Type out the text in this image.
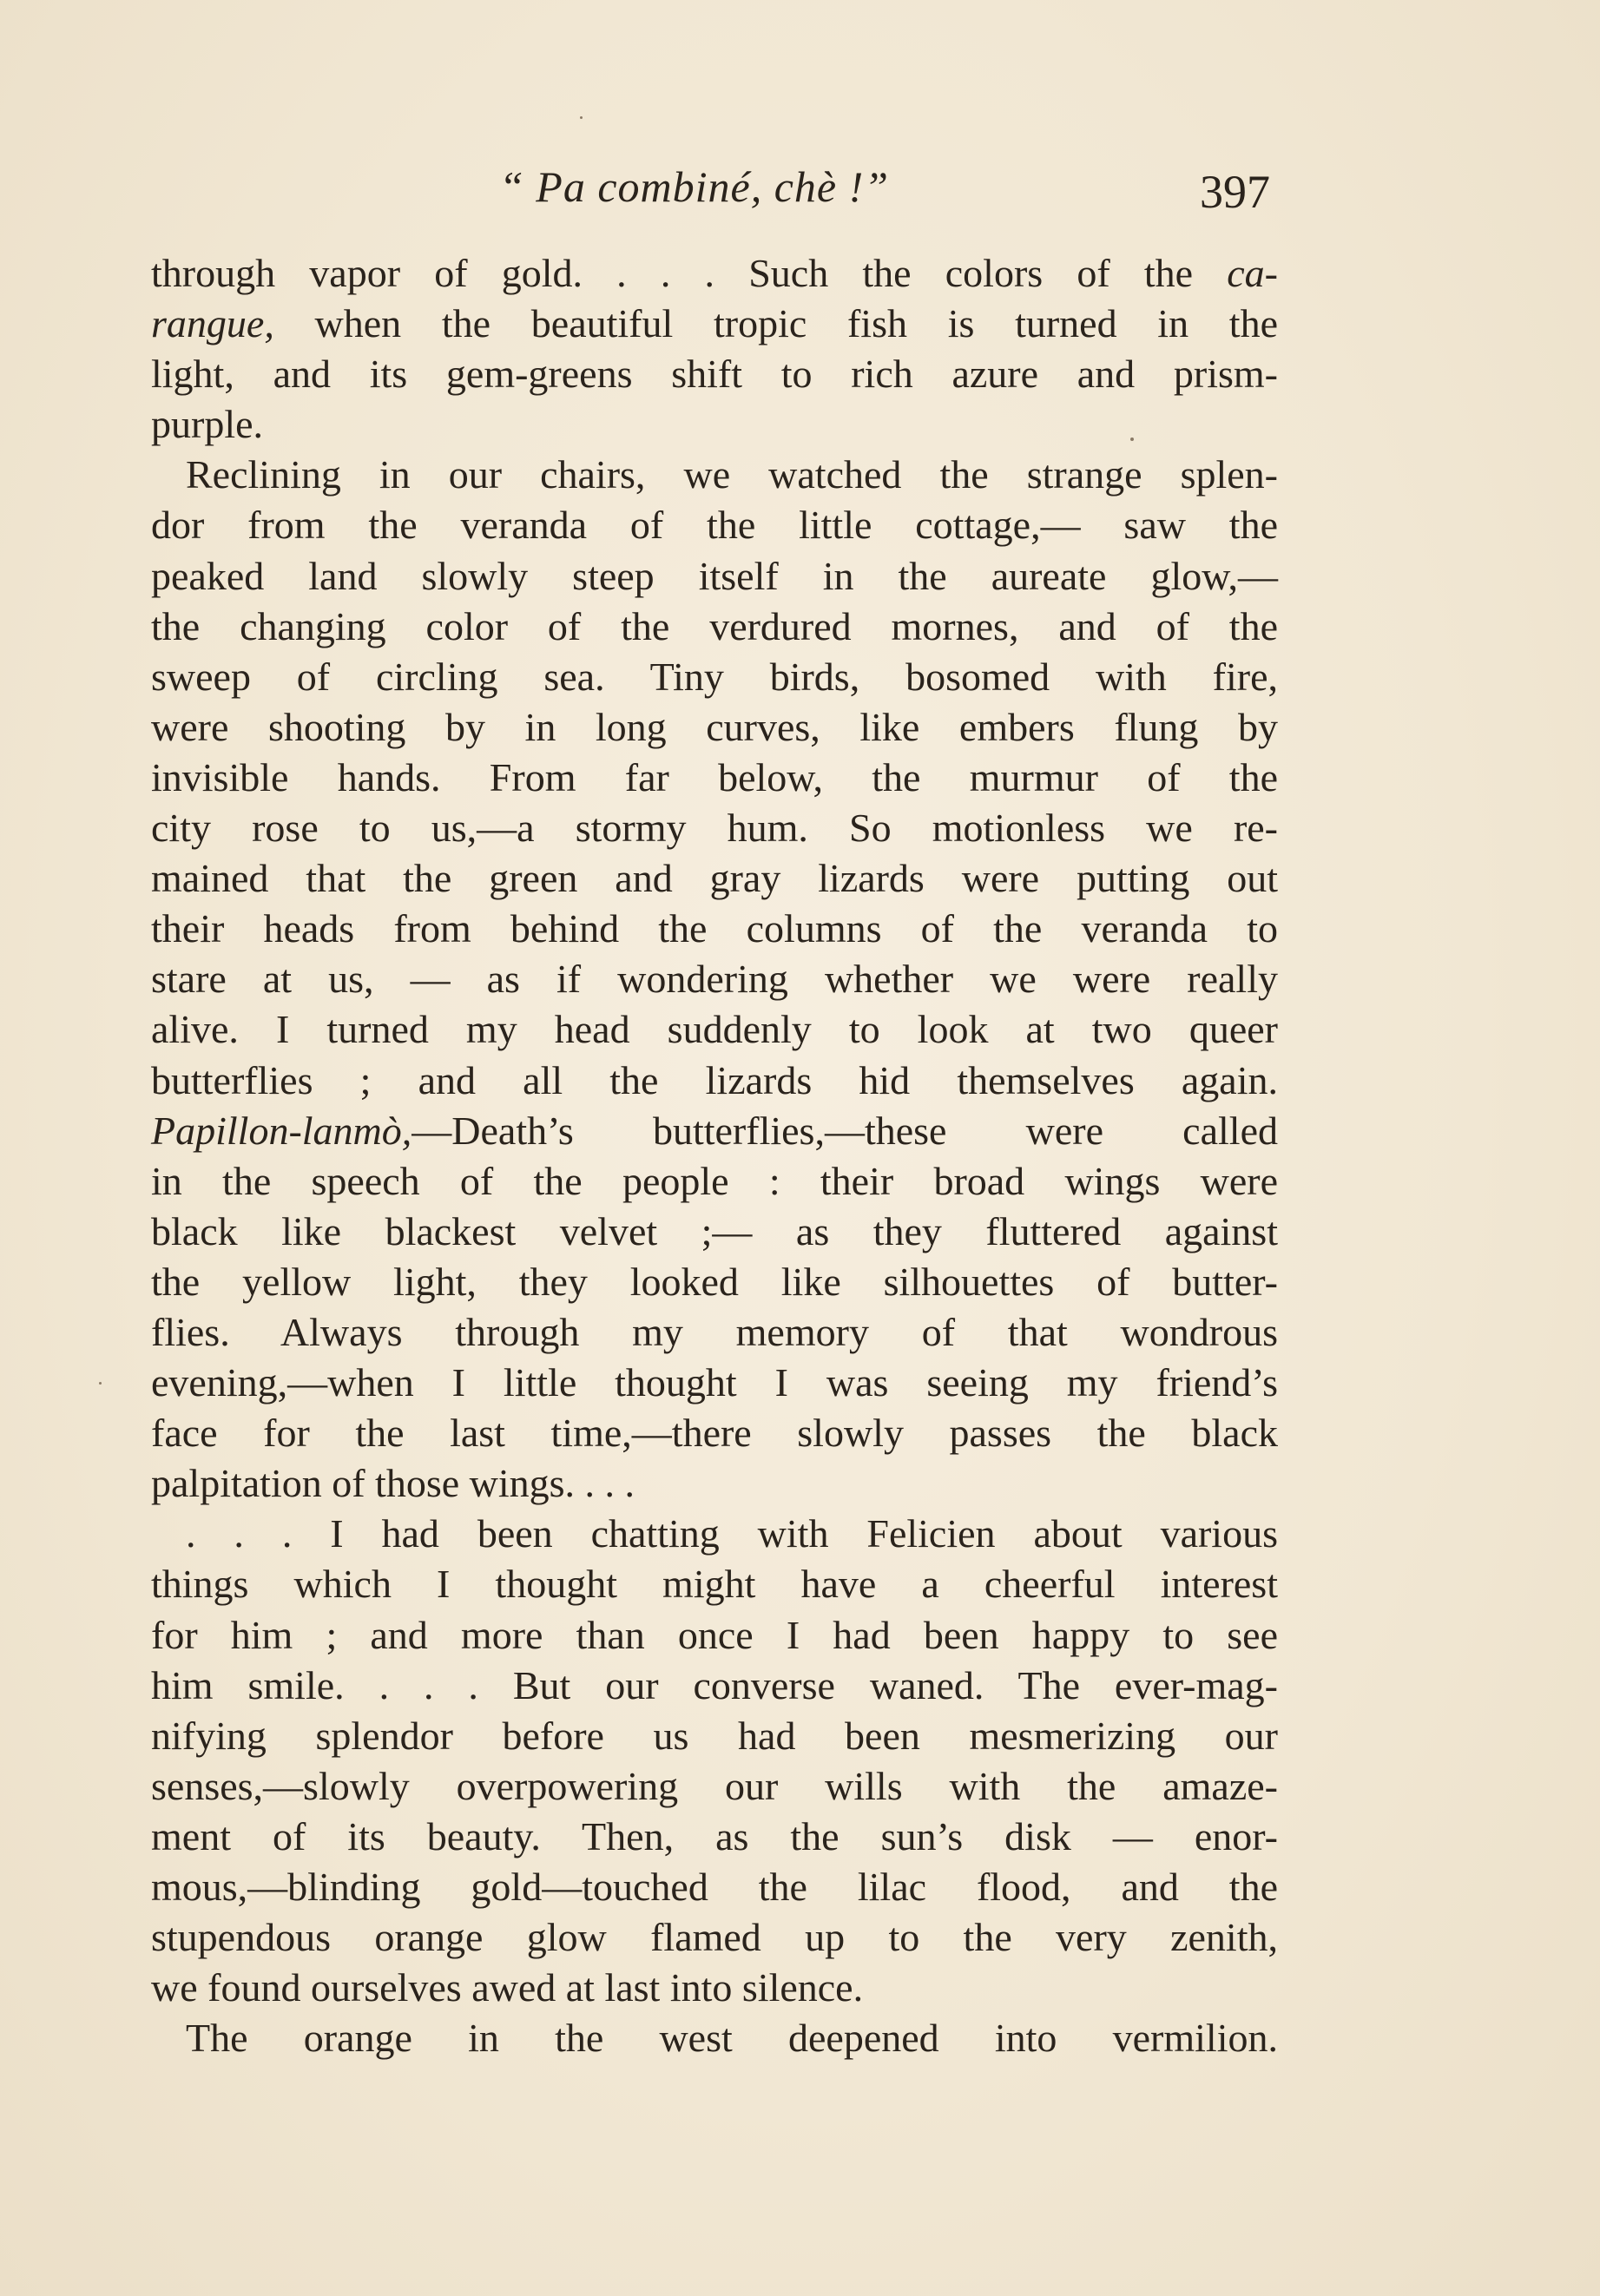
“ Pa combiné, chè !”	397
through vapor of gold. . . . Such the colors of the ca-
rangue, when the beautiful tropic fish is turned in the
light, and its gem-greens shift to rich azure and prism-
purple.
Reclining in our chairs, we watched the strange splen-
dor from the veranda of the little cottage,— saw the
peaked land slowly steep itself in the aureate glow,—
the changing color of the verdured mornes, and of the
sweep of circling sea. Tiny birds, bosomed with fire,
were shooting by in long curves, like embers flung by
invisible hands. From far below, the murmur of the
city rose to us,—a stormy hum. So motionless we re-
mained that the green and gray lizards were putting out
their heads from behind the columns of the veranda to
stare at us, — as if wondering whether we were really
alive. I turned my head suddenly to look at two queer
butterflies ; and all the lizards hid themselves again.
Papillon-lanmò,—Death’s butterflies,—these were called
in the speech of the people : their broad wings were
black like blackest velvet ;— as they fluttered against
the yellow light, they looked like silhouettes of butter-
flies. Always through my memory of that wondrous
evening,—when I little thought I was seeing my friend’s
face for the last time,—there slowly passes the black
palpitation of those wings. . . .
. . . I had been chatting with Felicien about various
things which I thought might have a cheerful interest
for him ; and more than once I had been happy to see
him smile. . . . But our converse waned. The ever-mag-
nifying splendor before us had been mesmerizing our
senses,—slowly overpowering our wills with the amaze-
ment of its beauty. Then, as the sun’s disk — enor-
mous,—blinding gold—touched the lilac flood, and the
stupendous orange glow flamed up to the very zenith,
we found ourselves awed at last into silence.
The orange in the west deepened into vermilion.
